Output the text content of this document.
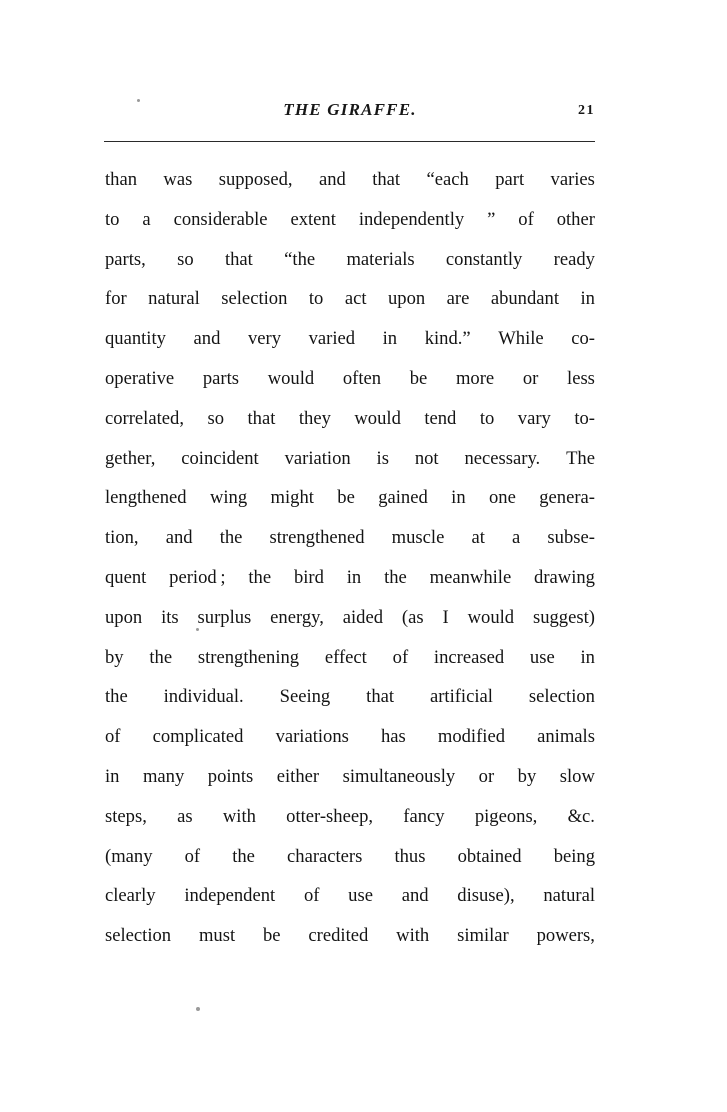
THE GIRAFFE.	21
than was supposed, and that “each part varies
to a considerable extent independently ” of other
parts, so that “the materials constantly ready
for natural selection to act upon are abundant in
quantity and very varied in kind.” While co-
operative parts would often be more or less
correlated, so that they would tend to vary to-
gether, coincident variation is not necessary. The
lengthened wing might be gained in one genera-
tion, and the strengthened muscle at a subse-
quent period ; the bird in the meanwhile drawing
upon its surplus energy, aided (as I would suggest)
by the strengthening effect of increased use in
the individual. Seeing that artificial selection
of complicated variations has modified animals
in many points either simultaneously or by slow
steps, as with otter-sheep, fancy pigeons, &c.
(many of the characters thus obtained being
clearly independent of use and disuse), natural
selection must be credited with similar powers,
